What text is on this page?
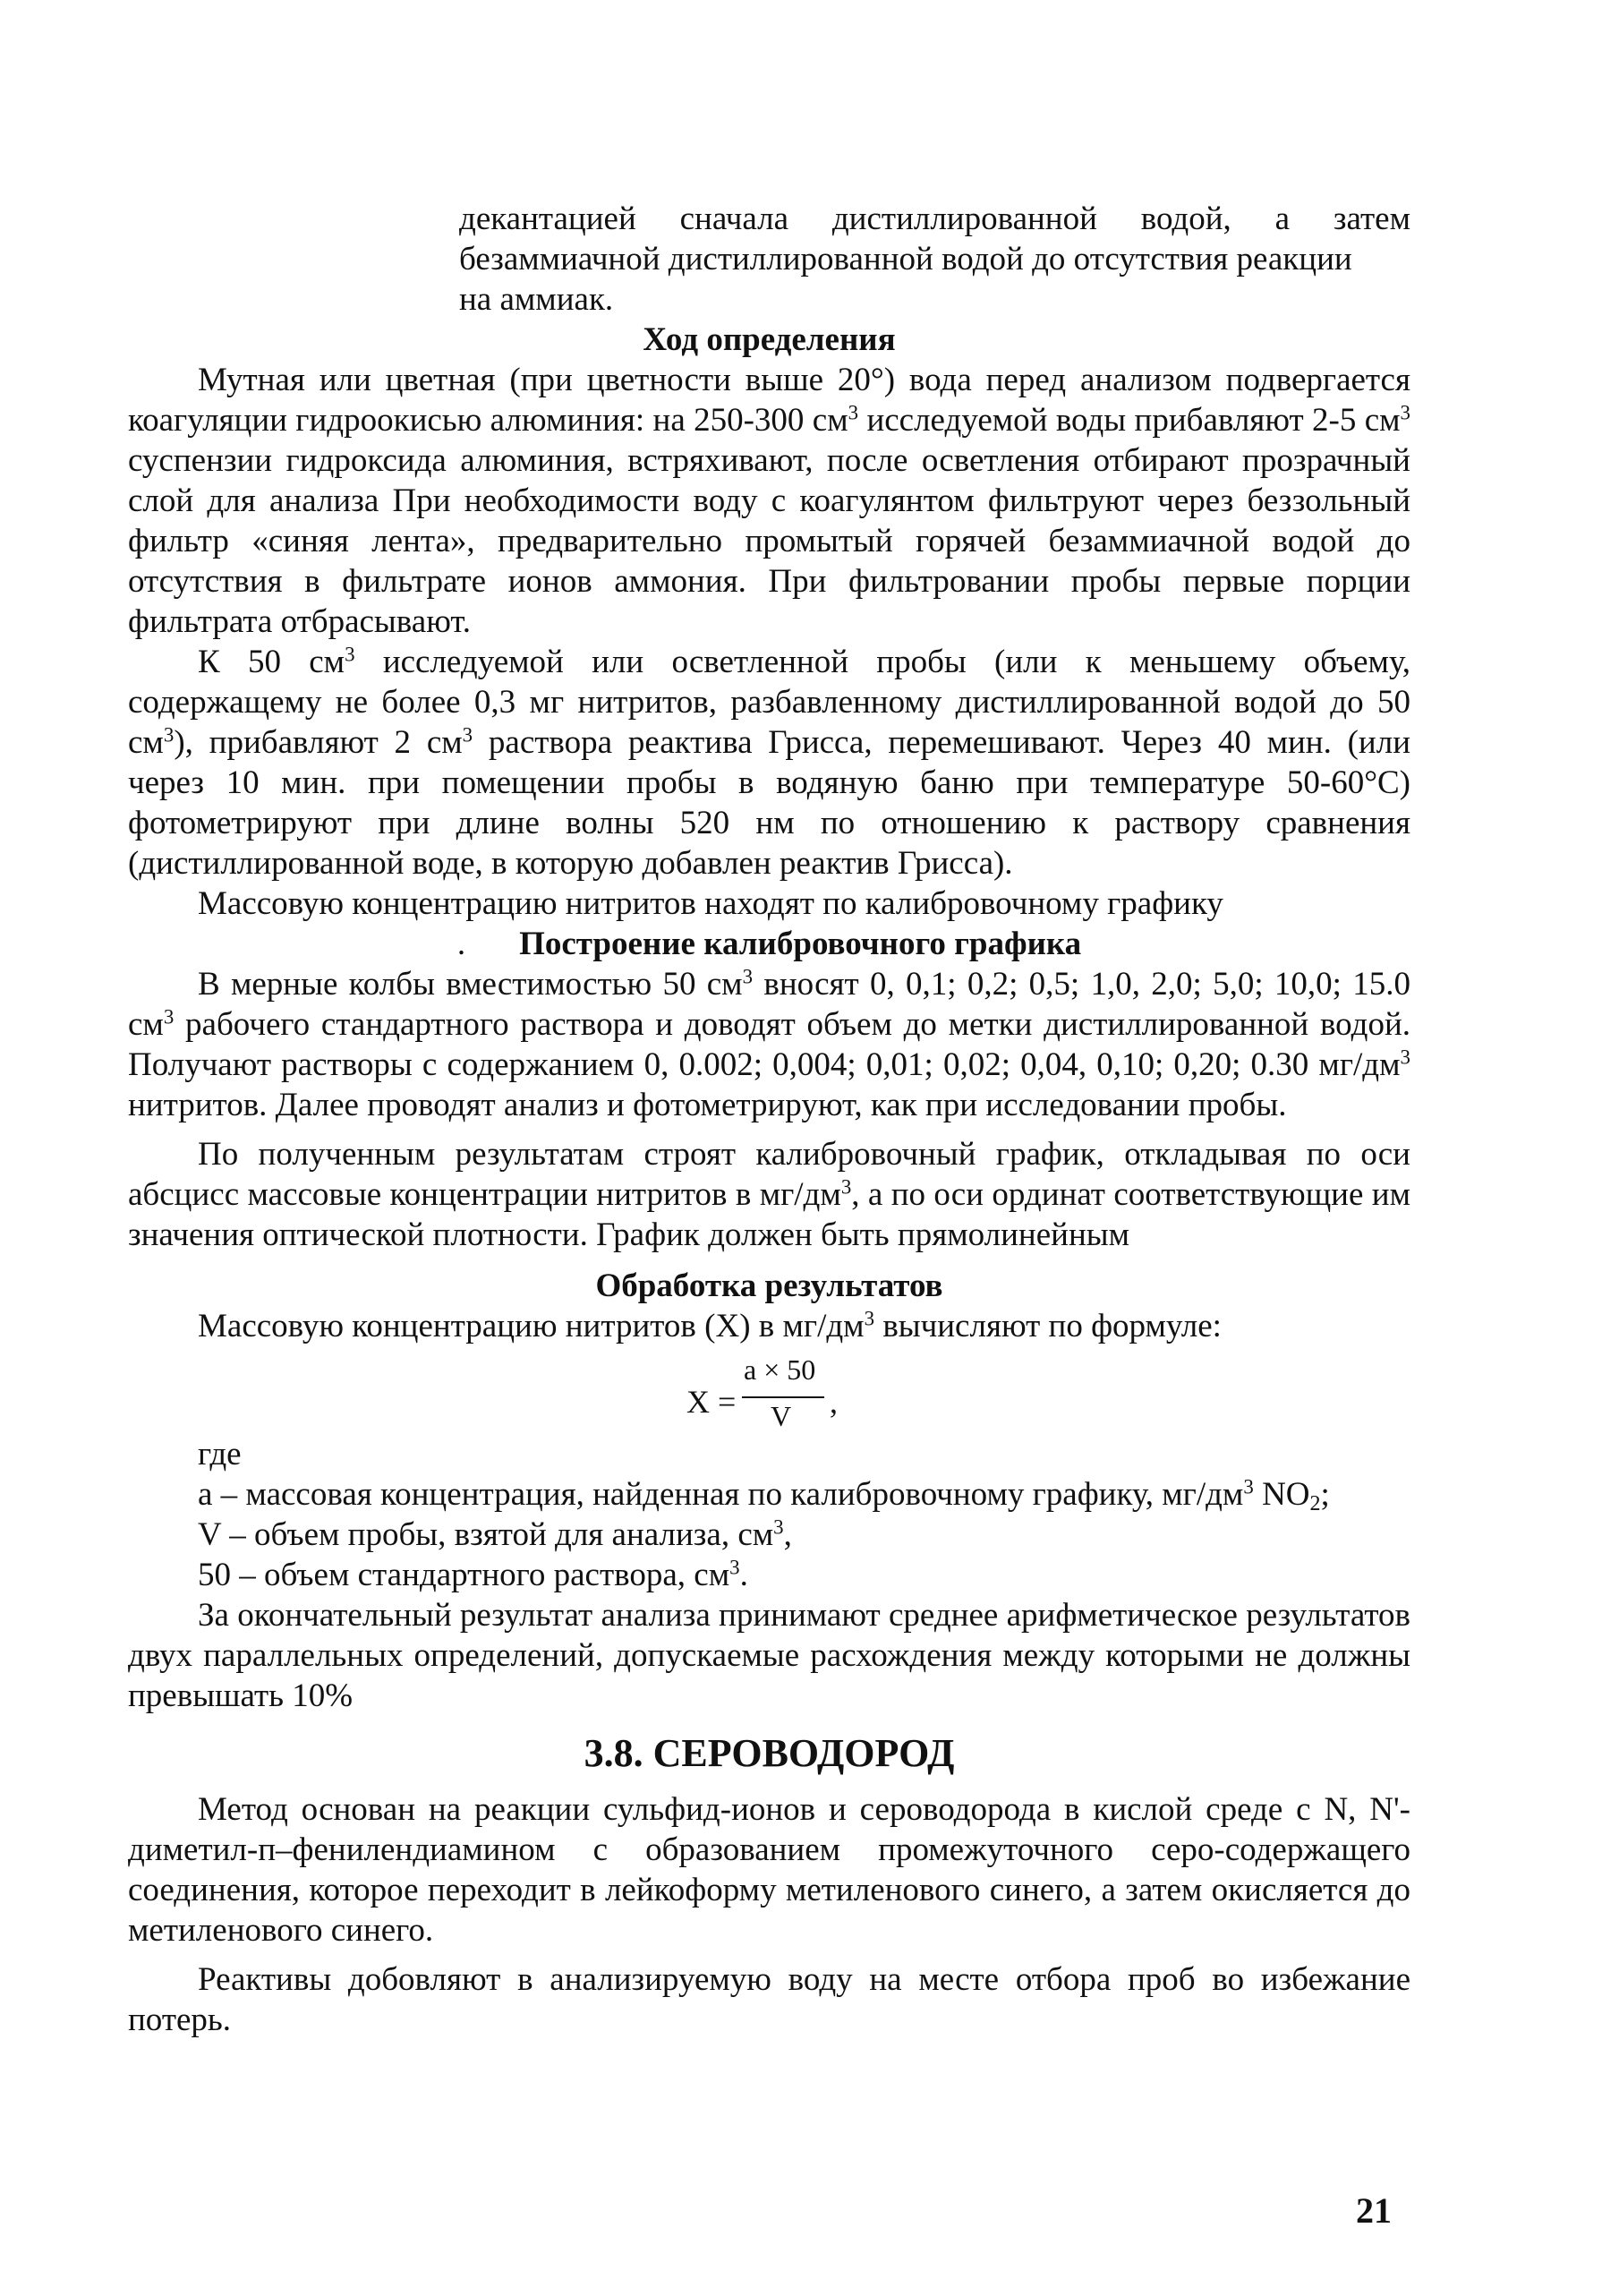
декантацией сначала дистиллированной водой, а затем
безаммиачной дистиллированной водой до отсутствия реакции
на аммиак.

Ход определения

Мутная или цветная (при цветности выше 20°) вода перед анализом подвергается коагуляции гидроокисью алюминия: на 250-300 $см^3$ исследуемой воды прибавляют 2-5 $см^3$ суспензии гидроксида алюминия, встряхивают, после осветления отбирают прозрачный слой для анализа При необходимости воду с коагулянтом фильтруют через беззольный фильтр «синяя лента», предварительно промытый горячей безаммиачной водой до отсутствия в фильтрате ионов аммония. При фильтровании пробы первые порции фильтрата отбрасывают.

К 50 $см^3$ исследуемой или осветленной пробы (или к меньшему объему, содержащему не более 0,3 мг нитритов, разбавленному дистиллированной водой до 50 $см^3$), прибавляют 2 $см^3$ раствора реактива Грисса, перемешивают. Через 40 мин. (или через 10 мин. при помещении пробы в водяную баню при температуре 50-60°С) фотометрируют при длине волны 520 нм по отношению к раствору сравнения (дистиллированной воде, в которую добавлен реактив Грисса).

Массовую концентрацию нитритов находят по калибровочному графику

. Построение калибровочного графика

В мерные колбы вместимостью 50 $см^3$ вносят 0, 0,1; 0,2; 0,5; 1,0, 2,0; 5,0; 10,0; 15.0 $см^3$ рабочего стандартного раствора и доводят объем до метки дистиллированной водой. Получают растворы с содержанием 0, 0.002; 0,004; 0,01; 0,02; 0,04, 0,10; 0,20; 0.30 $мг/дм^3$ нитритов. Далее проводят анализ и фотометрируют, как при исследовании пробы.

По полученным результатам строят калибровочный график, откладывая по оси абсцисс массовые концентрации нитритов в $мг/дм^3$, а по оси ординат соответствующие им значения оптической плотности. График должен быть прямолинейным

Обработка результатов

Массовую концентрацию нитритов (X) в $мг/дм^3$ вычисляют по формуле:

X =
a × 50
V ,

где

а – массовая концентрация, найденная по калибровочному графику, $мг/дм^3$ $NO_2$;

V – объем пробы, взятой для анализа, $см^3$,

50 – объем стандартного раствора, $см^3$.

За окончательный результат анализа принимают среднее арифметическое результатов двух параллельных определений, допускаемые расхождения между которыми не должны превышать 10%

3.8. СЕРОВОДОРОД

Метод основан на реакции сульфид-ионов и сероводорода в кислой среде с N, N'-диметил-п–фенилендиамином с образованием промежуточного серо-содержащего соединения, которое переходит в лейкоформу метиленового синего, а затем окисляется до метиленового синего.

Реактивы добовляют в анализируемую воду на месте отбора проб во избежание потерь.

21
